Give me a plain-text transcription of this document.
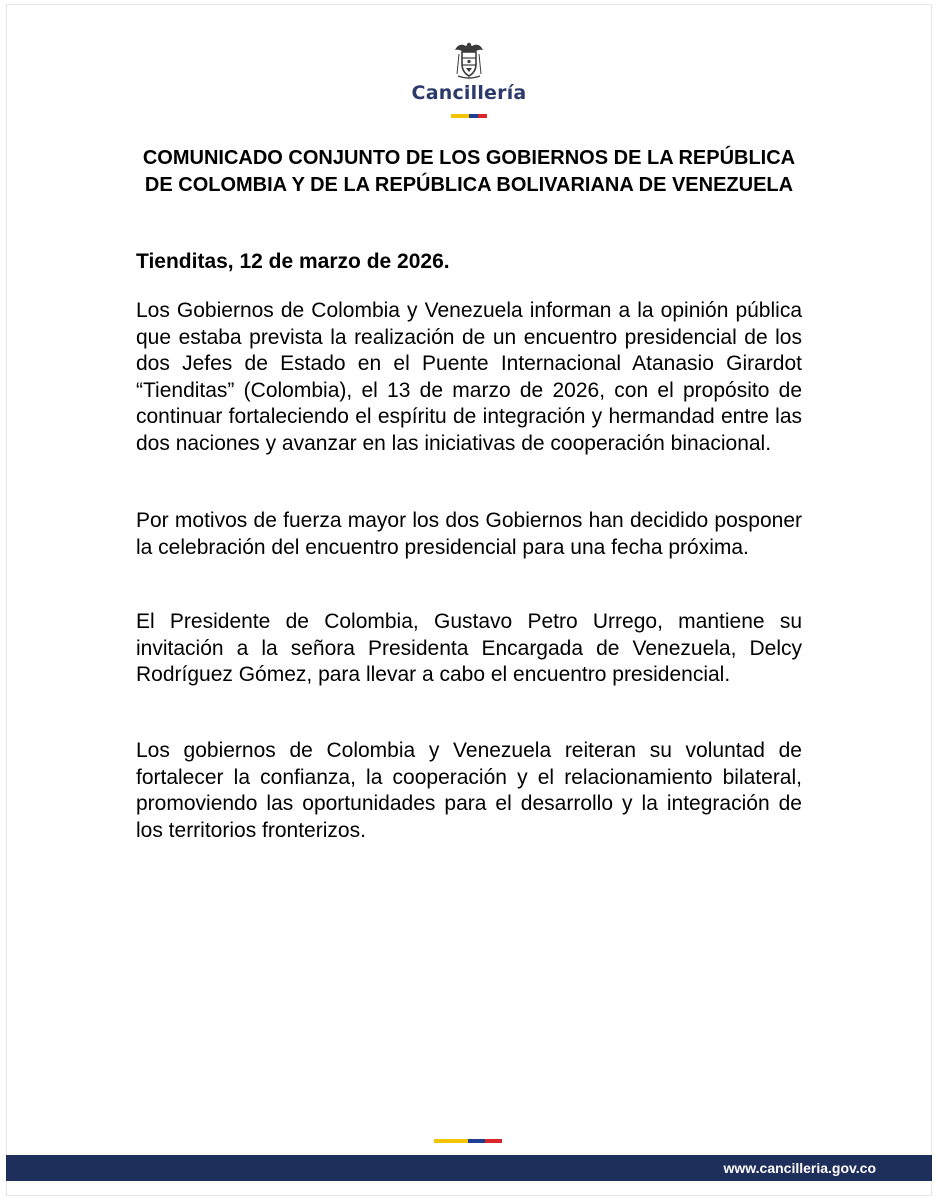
Cancillería
COMUNICADO CONJUNTO DE LOS GOBIERNOS DE LA REPÚBLICA DE COLOMBIA Y DE LA REPÚBLICA BOLIVARIANA DE VENEZUELA

Tienditas, 12 de marzo de 2026.

Los Gobiernos de Colombia y Venezuela informan a la opinión pública que estaba prevista la realización de un encuentro presidencial de los dos Jefes de Estado en el Puente Internacional Atanasio Girardot “Tienditas” (Colombia), el 13 de marzo de 2026, con el propósito de continuar fortaleciendo el espíritu de integración y hermandad entre las dos naciones y avanzar en las iniciativas de cooperación binacional.

Por motivos de fuerza mayor los dos Gobiernos han decidido posponer la celebración del encuentro presidencial para una fecha próxima.

El Presidente de Colombia, Gustavo Petro Urrego, mantiene su invitación a la señora Presidenta Encargada de Venezuela, Delcy Rodríguez Gómez, para llevar a cabo el encuentro presidencial.

Los gobiernos de Colombia y Venezuela reiteran su voluntad de fortalecer la confianza, la cooperación y el relacionamiento bilateral, promoviendo las oportunidades para el desarrollo y la integración de los territorios fronterizos.

www.cancilleria.gov.co
